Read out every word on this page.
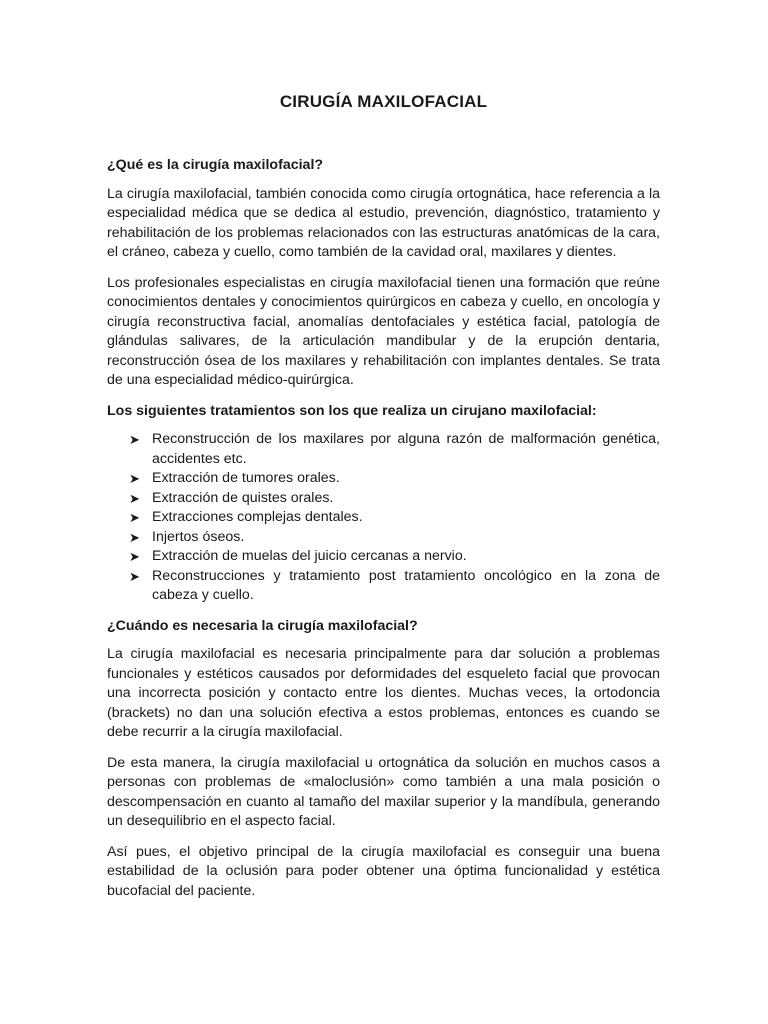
CIRUGÍA MAXILOFACIAL
¿Qué es la cirugía maxilofacial?

La cirugía maxilofacial, también conocida como cirugía ortognática, hace referencia a la especialidad médica que se dedica al estudio, prevención, diagnóstico, tratamiento y rehabilitación de los problemas relacionados con las estructuras anatómicas de la cara, el cráneo, cabeza y cuello, como también de la cavidad oral, maxilares y dientes.

Los profesionales especialistas en cirugía maxilofacial tienen una formación que reúne conocimientos dentales y conocimientos quirúrgicos en cabeza y cuello, en oncología y cirugía reconstructiva facial, anomalías dentofaciales y estética facial, patología de glándulas salivares, de la articulación mandibular y de la erupción dentaria, reconstrucción ósea de los maxilares y rehabilitación con implantes dentales. Se trata de una especialidad médico-quirúrgica.

Los siguientes tratamientos son los que realiza un cirujano maxilofacial:
➤ Reconstrucción de los maxilares por alguna razón de malformación genética, accidentes etc.
➤ Extracción de tumores orales.
➤ Extracción de quistes orales.
➤ Extracciones complejas dentales.
➤ Injertos óseos.
➤ Extracción de muelas del juicio cercanas a nervio.
➤ Reconstrucciones y tratamiento post tratamiento oncológico en la zona de cabeza y cuello.
¿Cuándo es necesaria la cirugía maxilofacial?

La cirugía maxilofacial es necesaria principalmente para dar solución a problemas funcionales y estéticos causados por deformidades del esqueleto facial que provocan una incorrecta posición y contacto entre los dientes. Muchas veces, la ortodoncia (brackets) no dan una solución efectiva a estos problemas, entonces es cuando se debe recurrir a la cirugía maxilofacial.

De esta manera, la cirugía maxilofacial u ortognática da solución en muchos casos a personas con problemas de «maloclusión» como también a una mala posición o descompensación en cuanto al tamaño del maxilar superior y la mandíbula, generando un desequilibrio en el aspecto facial.

Así pues, el objetivo principal de la cirugía maxilofacial es conseguir una buena estabilidad de la oclusión para poder obtener una óptima funcionalidad y estética bucofacial del paciente.
